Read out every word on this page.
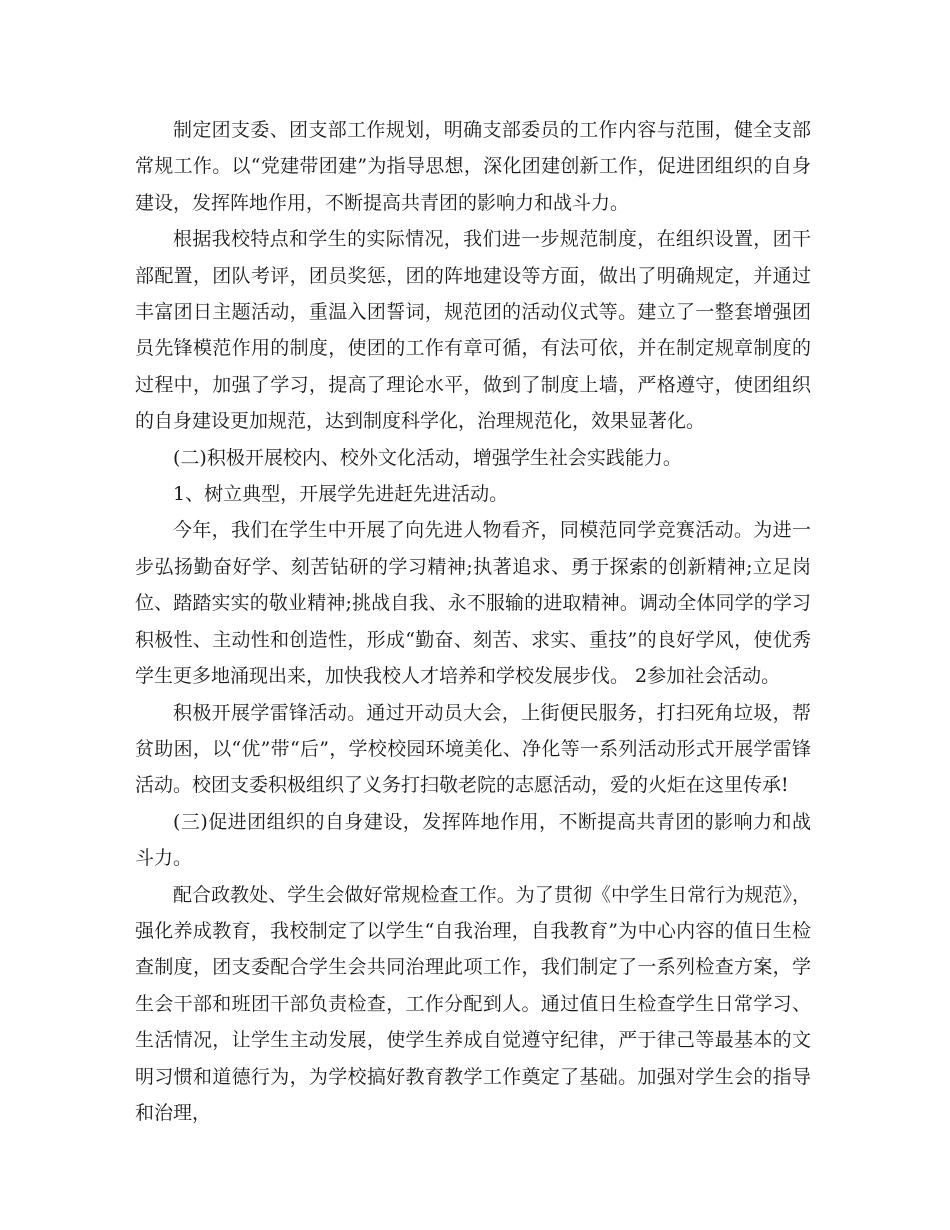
制定团支委、团支部工作规划，明确支部委员的工作内容与范围，健全支部常规工作。以“党建带团建”为指导思想，深化团建创新工作，促进团组织的自身建设，发挥阵地作用，不断提高共青团的影响力和战斗力。

根据我校特点和学生的实际情况，我们进一步规范制度，在组织设置，团干部配置，团队考评，团员奖惩，团的阵地建设等方面，做出了明确规定，并通过丰富团日主题活动，重温入团誓词，规范团的活动仪式等。建立了一整套增强团员先锋模范作用的制度，使团的工作有章可循，有法可依，并在制定规章制度的过程中，加强了学习，提高了理论水平，做到了制度上墙，严格遵守，使团组织的自身建设更加规范，达到制度科学化，治理规范化，效果显著化。

(二)积极开展校内、校外文化活动，增强学生社会实践能力。

1、树立典型，开展学先进赶先进活动。

今年，我们在学生中开展了向先进人物看齐，同模范同学竞赛活动。为进一步弘扬勤奋好学、刻苦钻研的学习精神;执著追求、勇于探索的创新精神;立足岗位、踏踏实实的敬业精神;挑战自我、永不服输的进取精神。调动全体同学的学习积极性、主动性和创造性，形成“勤奋、刻苦、求实、重技”的良好学风，使优秀学生更多地涌现出来，加快我校人才培养和学校发展步伐。 2参加社会活动。

积极开展学雷锋活动。通过开动员大会，上街便民服务，打扫死角垃圾，帮贫助困，以“优”带“后”，学校校园环境美化、净化等一系列活动形式开展学雷锋活动。校团支委积极组织了义务打扫敬老院的志愿活动，爱的火炬在这里传承!

(三)促进团组织的自身建设，发挥阵地作用，不断提高共青团的影响力和战斗力。

配合政教处、学生会做好常规检查工作。为了贯彻《中学生日常行为规范》，强化养成教育，我校制定了以学生“自我治理，自我教育”为中心内容的值日生检查制度，团支委配合学生会共同治理此项工作，我们制定了一系列检查方案，学生会干部和班团干部负责检查，工作分配到人。通过值日生检查学生日常学习、生活情况，让学生主动发展，使学生养成自觉遵守纪律，严于律己等最基本的文明习惯和道德行为，为学校搞好教育教学工作奠定了基础。加强对学生会的指导和治理，
